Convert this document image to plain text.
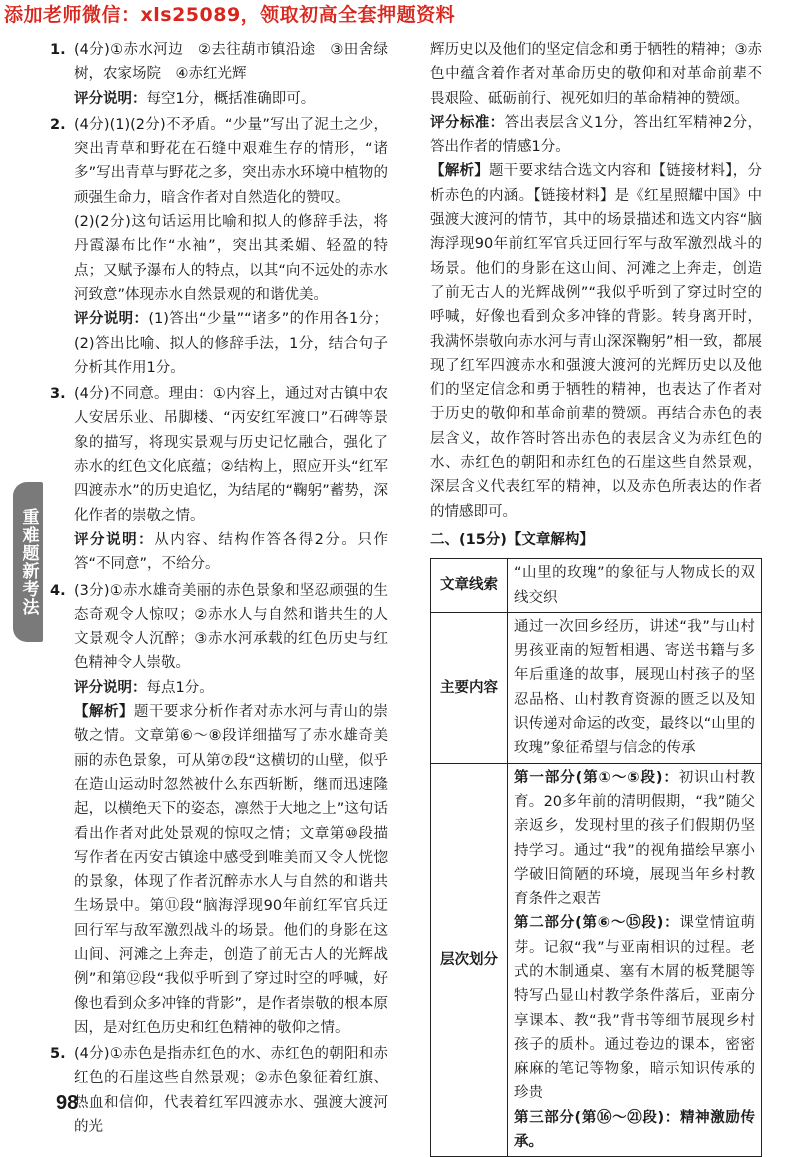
添加老师微信：xls25089，领取初高全套押题资料
重难题新考法
1. (4分)①赤水河边　②去往葫市镇沿途　③田舍绿树，农家场院　④赤红光辉

评分说明：每空1分，概括准确即可。

2. (4分)(1)(2分)不矛盾。“少量”写出了泥土之少，突出青草和野花在石缝中艰难生存的情形，“诸多”写出青草与野花之多，突出赤水环境中植物的顽强生命力，暗含作者对自然造化的赞叹。

(2)(2分)这句话运用比喻和拟人的修辞手法，将丹霞瀑布比作“水袖”，突出其柔媚、轻盈的特点；又赋予瀑布人的特点，以其“向不远处的赤水河致意”体现赤水自然景观的和谐优美。

评分说明：(1)答出“少量”“诸多”的作用各1分；(2)答出比喻、拟人的修辞手法，1分，结合句子分析其作用1分。

3. (4分)不同意。理由：①内容上，通过对古镇中农人安居乐业、吊脚楼、“丙安红军渡口”石碑等景象的描写，将现实景观与历史记忆融合，强化了赤水的红色文化底蕴；②结构上，照应开头“红军四渡赤水”的历史追忆，为结尾的“鞠躬”蓄势，深化作者的崇敬之情。

评分说明：从内容、结构作答各得2分。只作答“不同意”，不给分。

4. (3分)①赤水雄奇美丽的赤色景象和坚忍顽强的生态奇观令人惊叹；②赤水人与自然和谐共生的人文景观令人沉醉；③赤水河承载的红色历史与红色精神令人崇敬。

评分说明：每点1分。

【解析】题干要求分析作者对赤水河与青山的崇敬之情。文章第⑥～⑧段详细描写了赤水雄奇美丽的赤色景象，可从第⑦段“这横切的山壁，似乎在造山运动时忽然被什么东西斩断，继而迅速隆起，以横绝天下的姿态，凛然于大地之上”这句话看出作者对此处景观的惊叹之情；文章第⑩段描写作者在丙安古镇途中感受到唯美而又令人恍惚的景象，体现了作者沉醉赤水人与自然的和谐共生场景中。第⑪段“脑海浮现90年前红军官兵迂回行军与敌军激烈战斗的场景。他们的身影在这山间、河滩之上奔走，创造了前无古人的光辉战例”和第⑫段“我似乎听到了穿过时空的呼喊，好像也看到众多冲锋的背影”，是作者崇敬的根本原因，是对红色历史和红色精神的敬仰之情。

5. (4分)①赤色是指赤红色的水、赤红色的朝阳和赤红色的石崖这些自然景观；②赤色象征着红旗、热血和信仰，代表着红军四渡赤水、强渡大渡河的光

辉历史以及他们的坚定信念和勇于牺牲的精神；③赤色中蕴含着作者对革命历史的敬仰和对革命前辈不畏艰险、砥砺前行、视死如归的革命精神的赞颂。

评分标准：答出表层含义1分，答出红军精神2分，答出作者的情感1分。

【解析】题干要求结合选文内容和【链接材料】，分析赤色的内涵。【链接材料】是《红星照耀中国》中强渡大渡河的情节，其中的场景描述和选文内容“脑海浮现90年前红军官兵迂回行军与敌军激烈战斗的场景。他们的身影在这山间、河滩之上奔走，创造了前无古人的光辉战例”“我似乎听到了穿过时空的呼喊，好像也看到众多冲锋的背影。转身离开时，我满怀崇敬向赤水河与青山深深鞠躬”相一致，都展现了红军四渡赤水和强渡大渡河的光辉历史以及他们的坚定信念和勇于牺牲的精神，也表达了作者对于历史的敬仰和革命前辈的赞颂。再结合赤色的表层含义，故作答时答出赤色的表层含义为赤红色的水、赤红色的朝阳和赤红色的石崖这些自然景观，深层含义代表红军的精神，以及赤色所表达的作者的情感即可。

二、(15分)【文章解构】
文章线索	“山里的玫瑰”的象征与人物成长的双线交织
主要内容	通过一次回乡经历，讲述“我”与山村男孩亚南的短暂相遇、寄送书籍与多年后重逢的故事，展现山村孩子的坚忍品格、山村教育资源的匮乏以及知识传递对命运的改变，最终以“山里的玫瑰”象征希望与信念的传承
层次划分	第一部分(第①～⑤段)：初识山村教育。20多年前的清明假期，“我”随父亲返乡，发现村里的孩子们假期仍坚持学习。通过“我”的视角描绘早寨小学破旧简陋的环境，展现当年乡村教育条件之艰苦
第二部分(第⑥～⑮段)：课堂情谊萌芽。记叙“我”与亚南相识的过程。老式的木制通桌、塞有木屑的板凳腿等特写凸显山村教学条件落后，亚南分享课本、教“我”背书等细节展现乡村孩子的质朴。通过卷边的课本，密密麻麻的笔记等物象，暗示知识传承的珍贵
第三部分(第⑯～㉑段)：精神激励传承。
98
